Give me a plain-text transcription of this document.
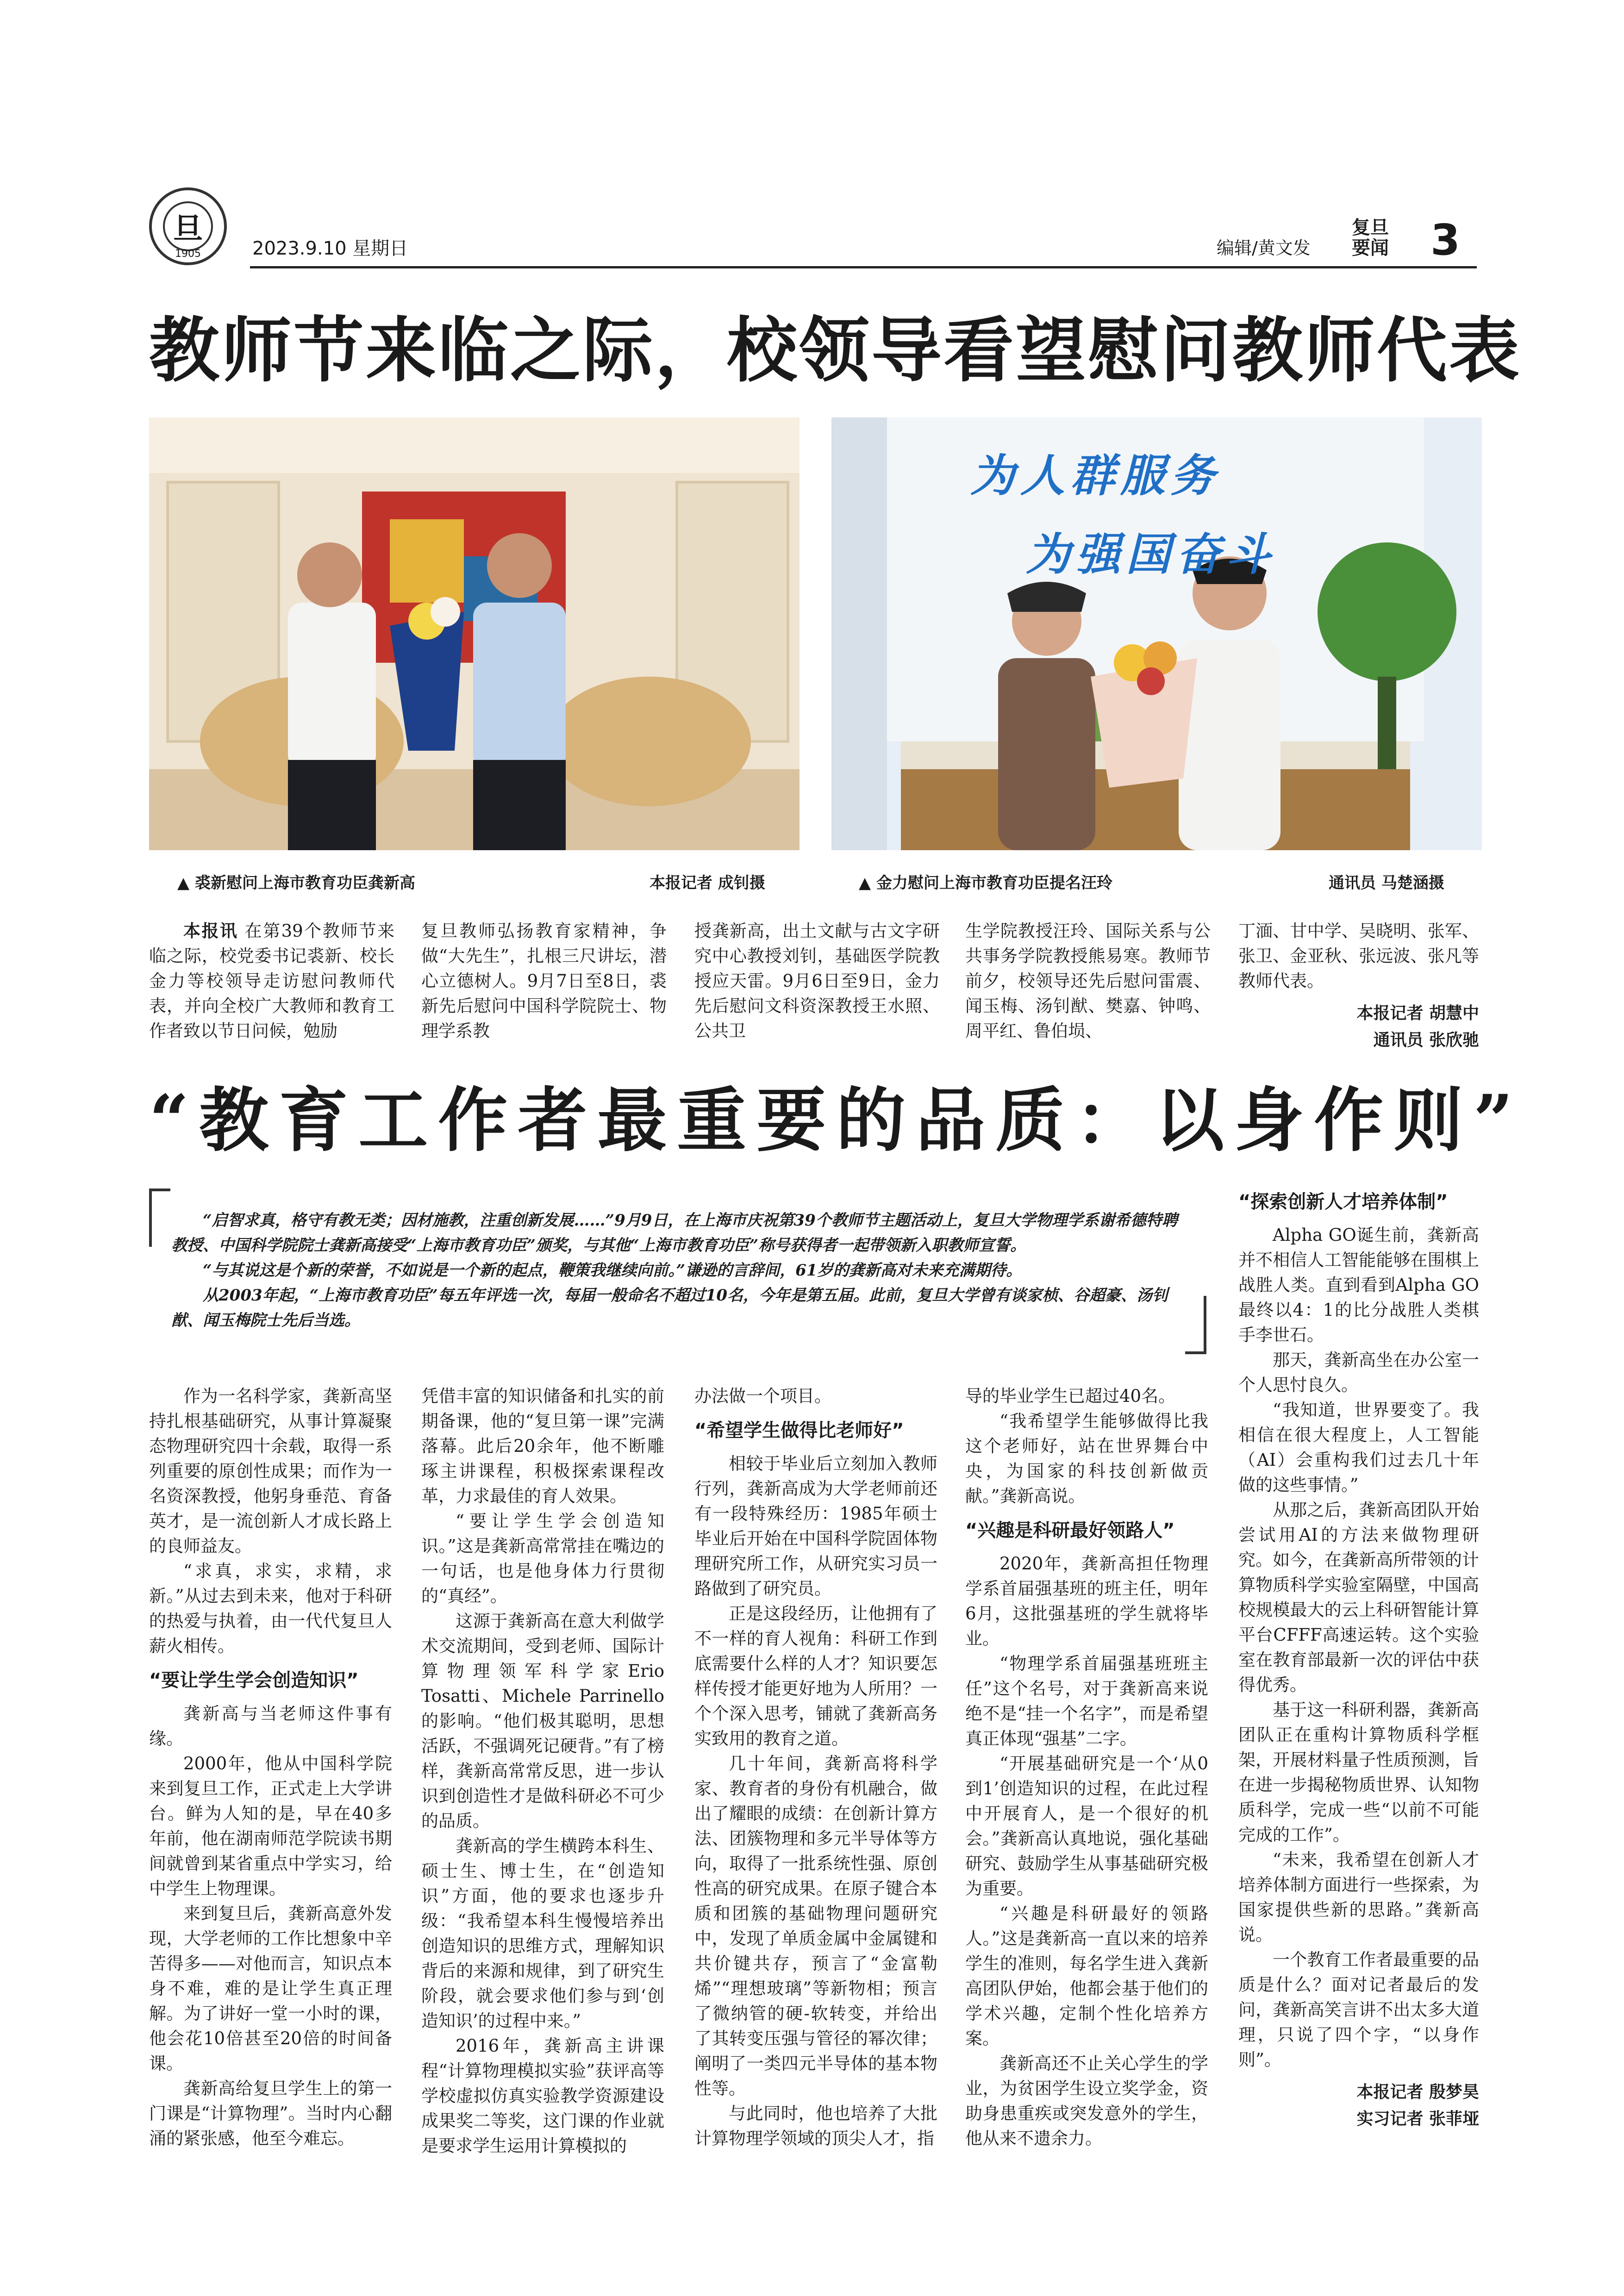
旦
1905	2023.9.10 星期日	编辑/黄文发
复旦要闻 3
教师节来临之际，校领导看望慰问教师代表
▲ 裘新慰问上海市教育功臣龚新高	本报记者 成钊摄
为人群服务
为强国奋斗
▲ 金力慰问上海市教育功臣提名汪玲	通讯员 马楚涵摄

本报讯 在第39个教师节来临之际，校党委书记裘新、校长金力等校领导走访慰问教师代表，并向全校广大教师和教育工作者致以节日问候，勉励

复旦教师弘扬教育家精神，争做“大先生”，扎根三尺讲坛，潜心立德树人。9月7日至8日，裘新先后慰问中国科学院院士、物理学系教

授龚新高，出土文献与古文字研究中心教授刘钊，基础医学院教授应天雷。9月6日至9日，金力先后慰问文科资深教授王水照、公共卫

生学院教授汪玲、国际关系与公共事务学院教授熊易寒。教师节前夕，校领导还先后慰问雷震、闻玉梅、汤钊猷、樊嘉、钟鸣、周平红、鲁伯埙、

丁湎、甘中学、吴晓明、张军、张卫、金亚秋、张远波、张凡等教师代表。

本报记者 胡慧中
通讯员 张欣驰
“教育工作者最重要的品质：以身作则”

“启智求真，格守有教无类；因材施教，注重创新发展……”9月9日，在上海市庆祝第39个教师节主题活动上，复旦大学物理学系谢希德特聘教授、中国科学院院士龚新高接受“上海市教育功臣”颁奖，与其他“上海市教育功臣”称号获得者一起带领新入职教师宣誓。

“与其说这是个新的荣誉，不如说是一个新的起点，鞭策我继续向前。”谦逊的言辞间，61岁的龚新高对未来充满期待。

从2003年起，“上海市教育功臣”每五年评选一次，每届一般命名不超过10名，今年是第五届。此前，复旦大学曾有谈家桢、谷超豪、汤钊猷、闻玉梅院士先后当选。

作为一名科学家，龚新高坚持扎根基础研究，从事计算凝聚态物理研究四十余载，取得一系列重要的原创性成果；而作为一名资深教授，他躬身垂范、育备英才，是一流创新人才成长路上的良师益友。

“求真，求实，求精，求新。”从过去到未来，他对于科研的热爱与执着，由一代代复旦人薪火相传。

“要让学生学会创造知识”

龚新高与当老师这件事有缘。

2000年，他从中国科学院来到复旦工作，正式走上大学讲台。鲜为人知的是，早在40多年前，他在湖南师范学院读书期间就曾到某省重点中学实习，给中学生上物理课。

来到复旦后，龚新高意外发现，大学老师的工作比想象中辛苦得多——对他而言，知识点本身不难，难的是让学生真正理解。为了讲好一堂一小时的课，他会花10倍甚至20倍的时间备课。

龚新高给复旦学生上的第一门课是“计算物理”。当时内心翻涌的紧张感，他至今难忘。

凭借丰富的知识储备和扎实的前期备课，他的“复旦第一课”完满落幕。此后20余年，他不断雕琢主讲课程，积极探索课程改革，力求最佳的育人效果。

“要让学生学会创造知识。”这是龚新高常常挂在嘴边的一句话，也是他身体力行贯彻的“真经”。

这源于龚新高在意大利做学术交流期间，受到老师、国际计算物理领军科学家Erio Tosatti、Michele Parrinello的影响。“他们极其聪明，思想活跃，不强调死记硬背。”有了榜样，龚新高常常反思，进一步认识到创造性才是做科研必不可少的品质。

龚新高的学生横跨本科生、硕士生、博士生，在“创造知识”方面，他的要求也逐步升级：“我希望本科生慢慢培养出创造知识的思维方式，理解知识背后的来源和规律，到了研究生阶段，就会要求他们参与到‘创造知识’的过程中来。”

2016年，龚新高主讲课程“计算物理模拟实验”获评高等学校虚拟仿真实验教学资源建设成果奖二等奖，这门课的作业就是要求学生运用计算模拟的

办法做一个项目。

“希望学生做得比老师好”

相较于毕业后立刻加入教师行列，龚新高成为大学老师前还有一段特殊经历：1985年硕士毕业后开始在中国科学院固体物理研究所工作，从研究实习员一路做到了研究员。

正是这段经历，让他拥有了不一样的育人视角：科研工作到底需要什么样的人才？知识要怎样传授才能更好地为人所用？一个个深入思考，铺就了龚新高务实致用的教育之道。

几十年间，龚新高将科学家、教育者的身份有机融合，做出了耀眼的成绩：在创新计算方法、团簇物理和多元半导体等方向，取得了一批系统性强、原创性高的研究成果。在原子键合本质和团簇的基础物理问题研究中，发现了单质金属中金属键和共价键共存，预言了“金富勒烯”“理想玻璃”等新物相；预言了微纳管的硬-软转变，并给出了其转变压强与管径的幂次律；阐明了一类四元半导体的基本物性等。

与此同时，他也培养了大批计算物理学领域的顶尖人才，指

导的毕业学生已超过40名。

“我希望学生能够做得比我这个老师好，站在世界舞台中央，为国家的科技创新做贡献。”龚新高说。

“兴趣是科研最好领路人”

2020年，龚新高担任物理学系首届强基班的班主任，明年6月，这批强基班的学生就将毕业。

“物理学系首届强基班班主任”这个名号，对于龚新高来说绝不是“挂一个名字”，而是希望真正体现“强基”二字。

“开展基础研究是一个‘从0到1’创造知识的过程，在此过程中开展育人，是一个很好的机会。”龚新高认真地说，强化基础研究、鼓励学生从事基础研究极为重要。

“兴趣是科研最好的领路人。”这是龚新高一直以来的培养学生的准则，每名学生进入龚新高团队伊始，他都会基于他们的学术兴趣，定制个性化培养方案。

龚新高还不止关心学生的学业，为贫困学生设立奖学金，资助身患重疾或突发意外的学生，他从来不遗余力。

“探索创新人才培养体制”

Alpha GO诞生前，龚新高并不相信人工智能能够在围棋上战胜人类。直到看到Alpha GO最终以4：1的比分战胜人类棋手李世石。

那天，龚新高坐在办公室一个人思忖良久。

“我知道，世界要变了。我相信在很大程度上，人工智能（AI）会重构我们过去几十年做的这些事情。”

从那之后，龚新高团队开始尝试用AI的方法来做物理研究。如今，在龚新高所带领的计算物质科学实验室隔壁，中国高校规模最大的云上科研智能计算平台CFFF高速运转。这个实验室在教育部最新一次的评估中获得优秀。

基于这一科研利器，龚新高团队正在重构计算物质科学框架，开展材料量子性质预测，旨在进一步揭秘物质世界、认知物质科学，完成一些“以前不可能完成的工作”。

“未来，我希望在创新人才培养体制方面进行一些探索，为国家提供些新的思路。”龚新高说。

一个教育工作者最重要的品质是什么？面对记者最后的发问，龚新高笑言讲不出太多大道理，只说了四个字，“以身作则”。

本报记者 殷梦昊
实习记者 张菲垭
